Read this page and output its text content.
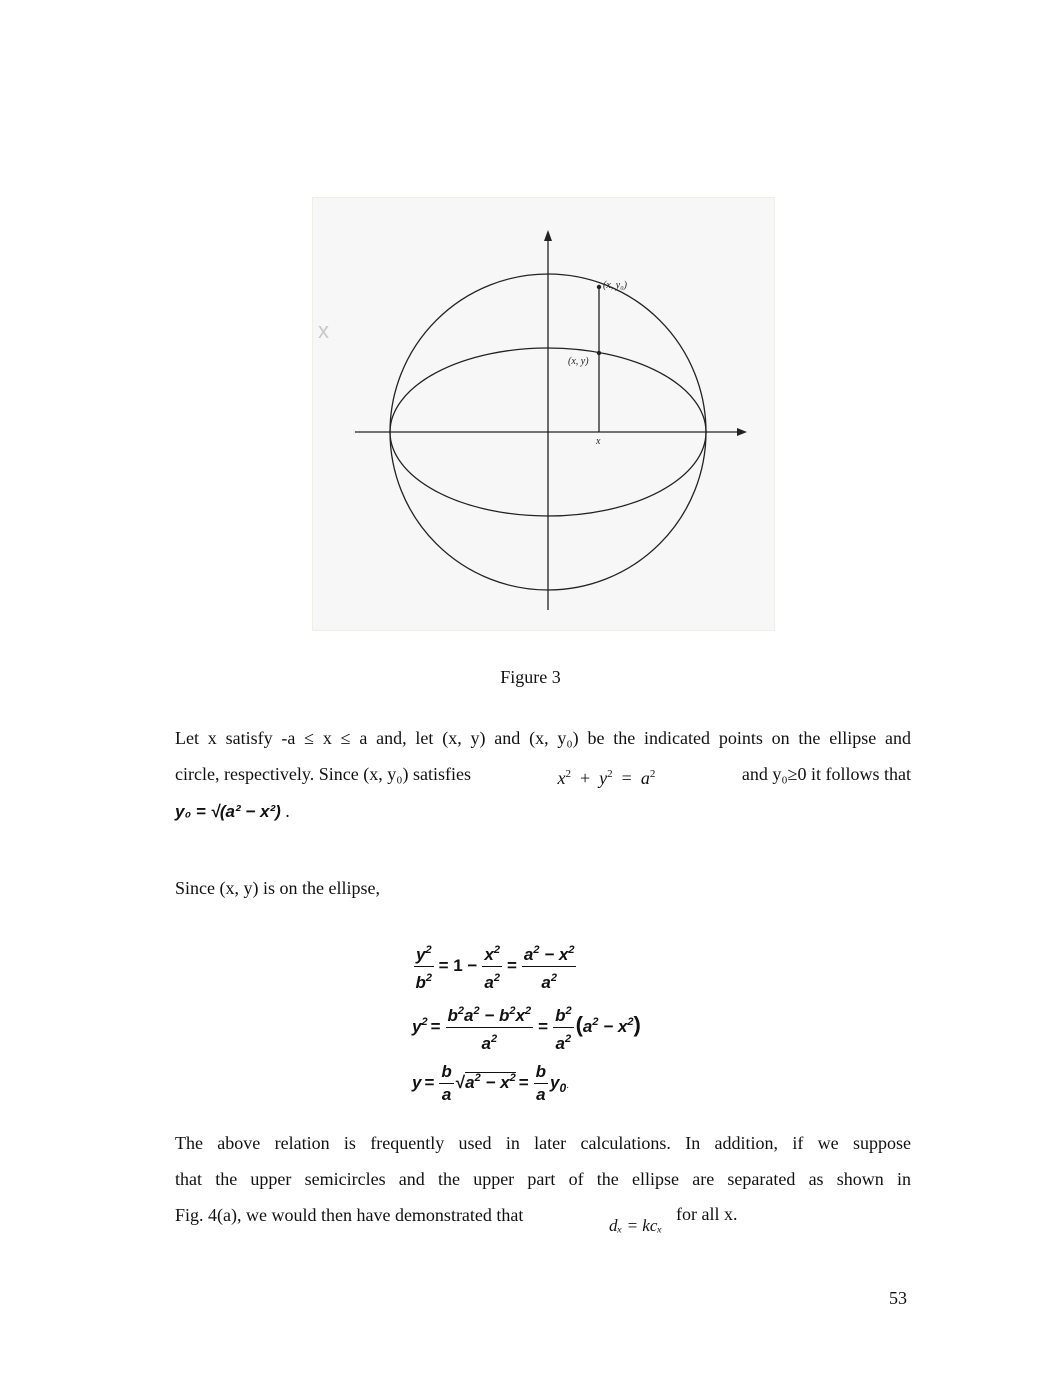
(x, y₀)
(x, y)
x
x
Figure 3
Let x satisfy -a ≤ x ≤ a and, let (x, y) and (x, y₀) be the indicated points on the ellipse and
circle, respectively. Since (x, y₀) satisfies	$x^2 + y^2 = a^2$	and y₀≥0 it follows that
y₀ = √(a² − x²) .
Since (x, y) is on the ellipse,
$\frac{y^2}{b^2} = 1 - \frac{x^2}{a^2} = \frac{a^2 - x^2}{a^2}$
$y^2 = \frac{b^2a^2 - b^2x^2}{a^2} = \frac{b^2}{a^2} (a^2 - x^2)$
$y = \frac{b}{a} √a^2 - x^2 = \frac{b}{a} y_0$.
The above relation is frequently used in later calculations. In addition, if we suppose
that the upper semicircles and the upper part of the ellipse are separated as shown in
Fig. 4(a), we would then have demonstrated that
dₓ = kcₓ
for all x.
53
